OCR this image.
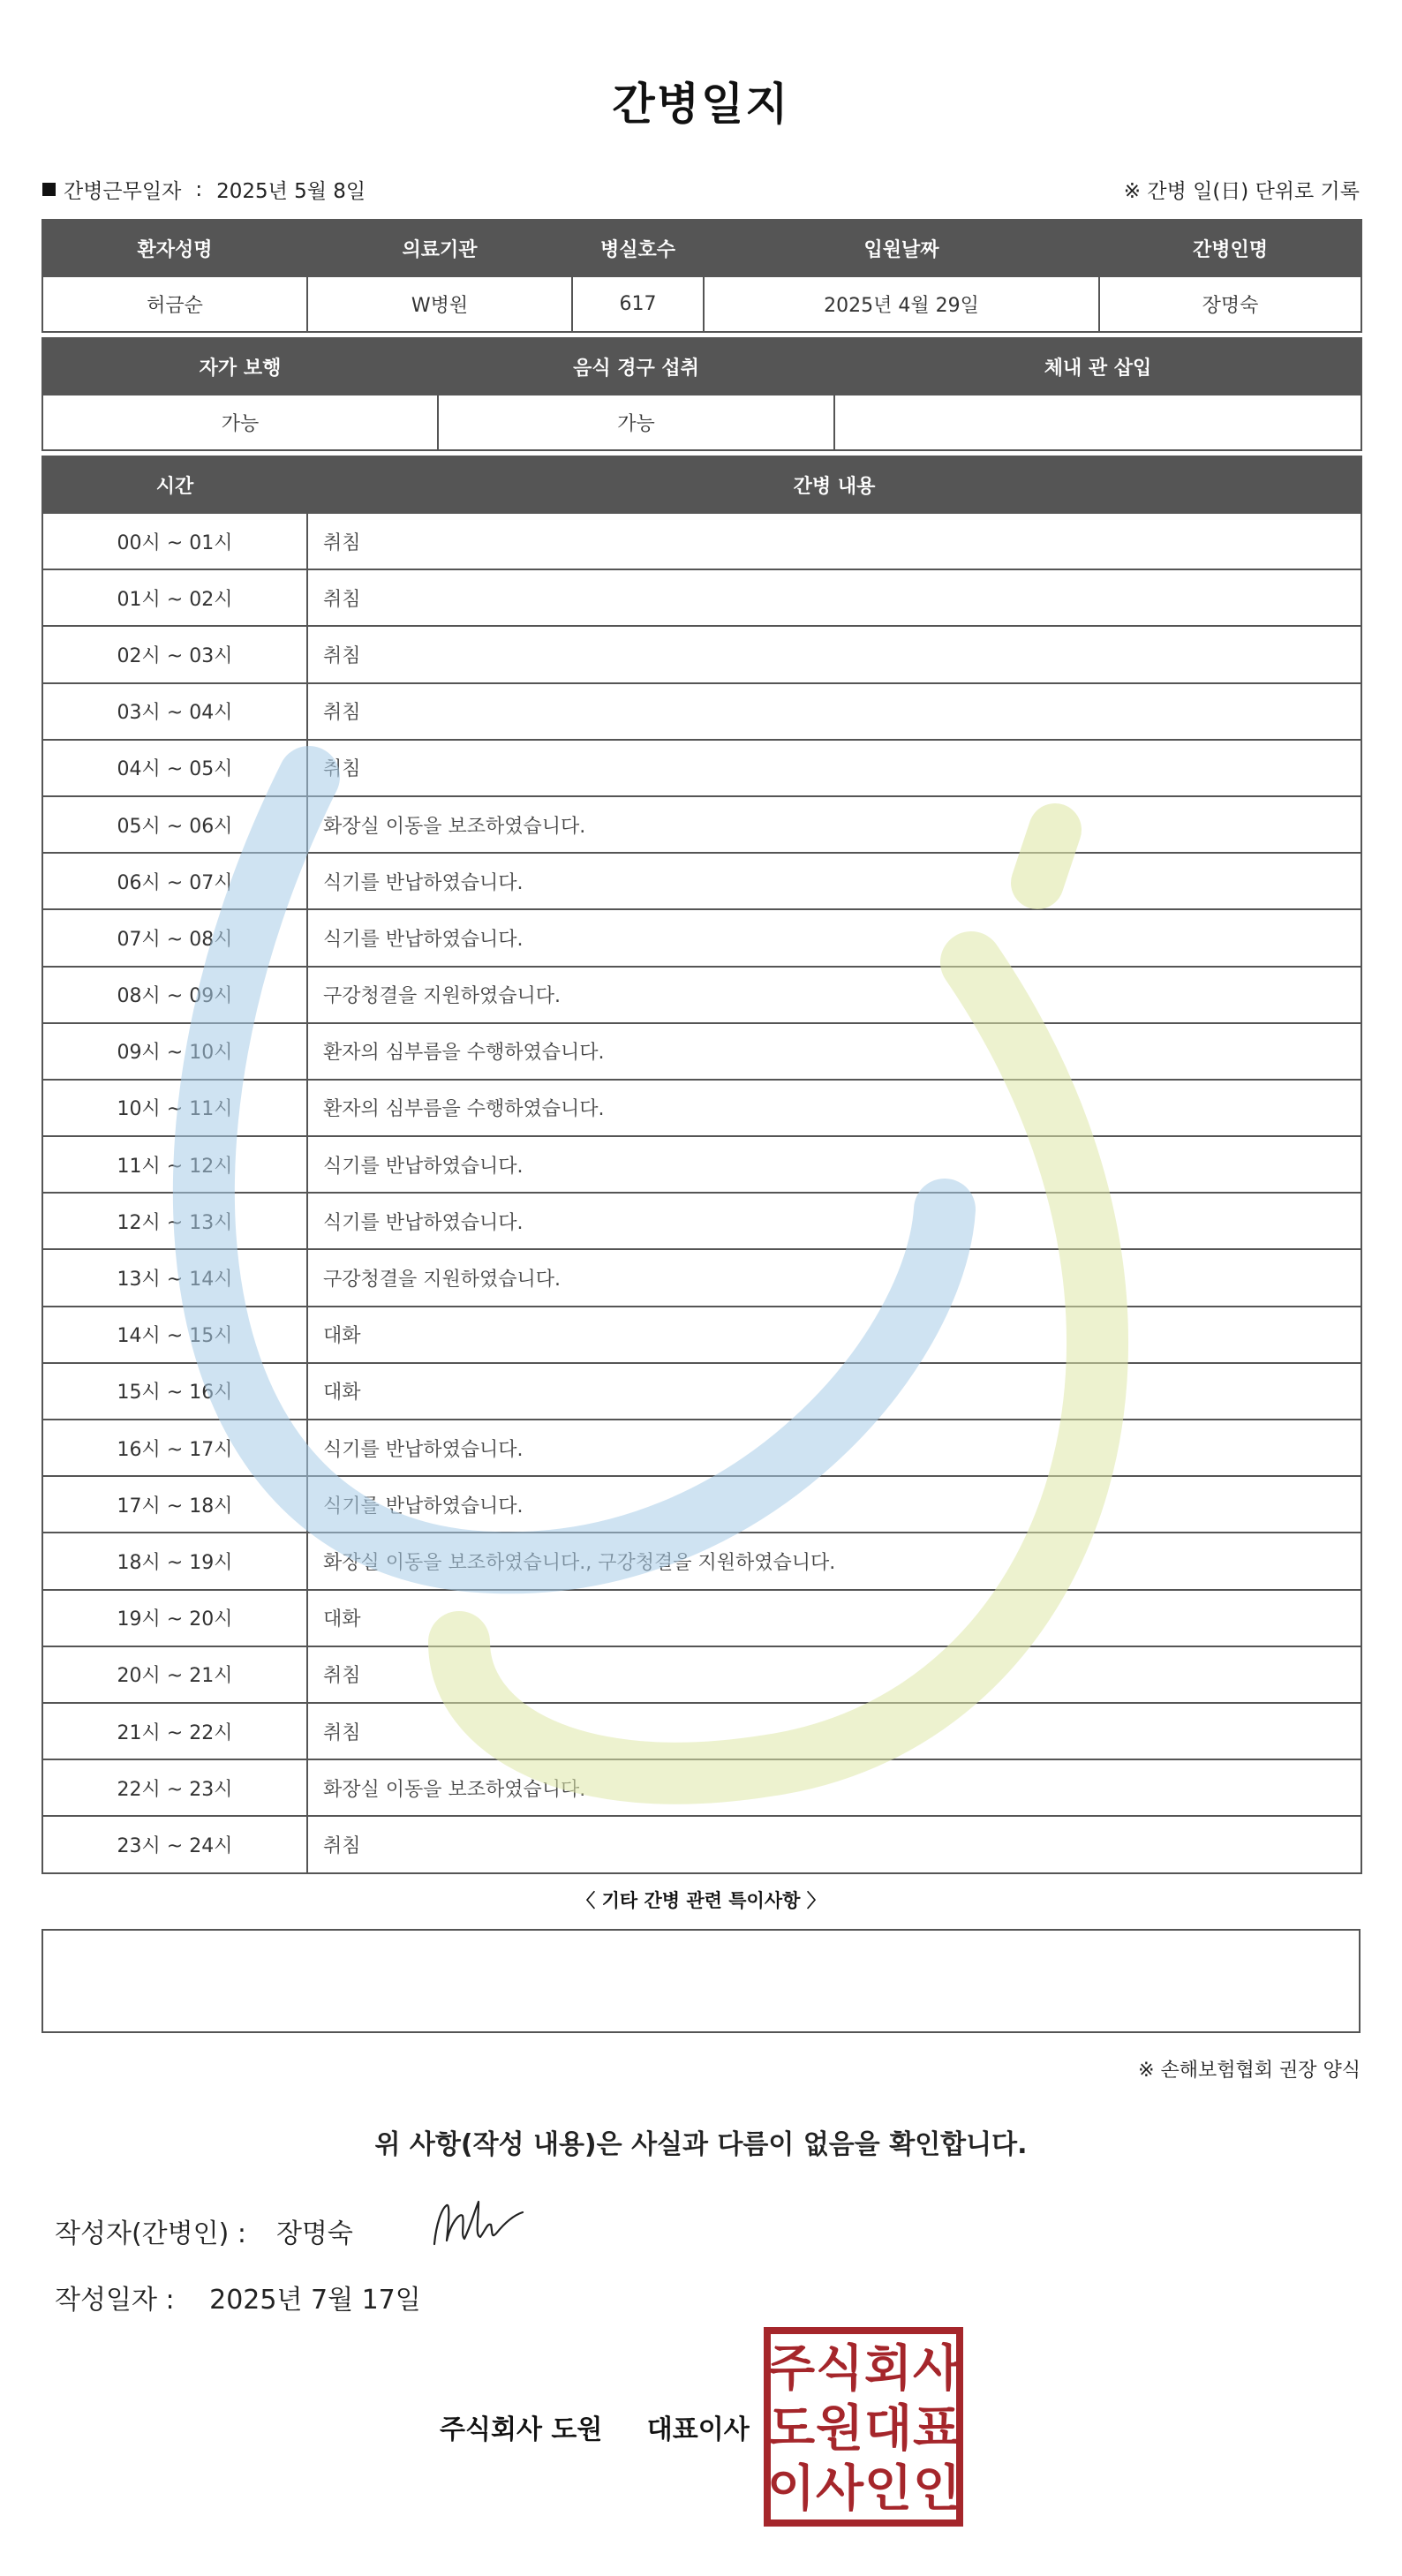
간병일지
간병근무일자 : 2025년 5월 8일	※ 간병 일(日) 단위로 기록
환자성명	의료기관	병실호수	입원날짜	간병인명
허금순	W병원	617	2025년 4월 29일	장명숙
자가 보행	음식 경구 섭취	체내 관 삽입
가능	가능	
시간	간병 내용
00시 ~ 01시	취침
01시 ~ 02시	취침
02시 ~ 03시	취침
03시 ~ 04시	취침
04시 ~ 05시	취침
05시 ~ 06시	화장실 이동을 보조하였습니다.
06시 ~ 07시	식기를 반납하였습니다.
07시 ~ 08시	식기를 반납하였습니다.
08시 ~ 09시	구강청결을 지원하였습니다.
09시 ~ 10시	환자의 심부름을 수행하였습니다.
10시 ~ 11시	환자의 심부름을 수행하였습니다.
11시 ~ 12시	식기를 반납하였습니다.
12시 ~ 13시	식기를 반납하였습니다.
13시 ~ 14시	구강청결을 지원하였습니다.
14시 ~ 15시	대화
15시 ~ 16시	대화
16시 ~ 17시	식기를 반납하였습니다.
17시 ~ 18시	식기를 반납하였습니다.
18시 ~ 19시	화장실 이동을 보조하였습니다., 구강청결을 지원하였습니다.
19시 ~ 20시	대화
20시 ~ 21시	취침
21시 ~ 22시	취침
22시 ~ 23시	화장실 이동을 보조하였습니다.
23시 ~ 24시	취침
〈 기타 간병 관련 특이사항 〉
※ 손해보험협회 권장 양식
위 사항(작성 내용)은 사실과 다름이 없음을 확인합니다.
작성자(간병인) : 장명숙
작성일자 : 2025년 7월 17일
주식회사 도원 대표이사
주 식 회 사
도 원 대 표
이 사 인 인
